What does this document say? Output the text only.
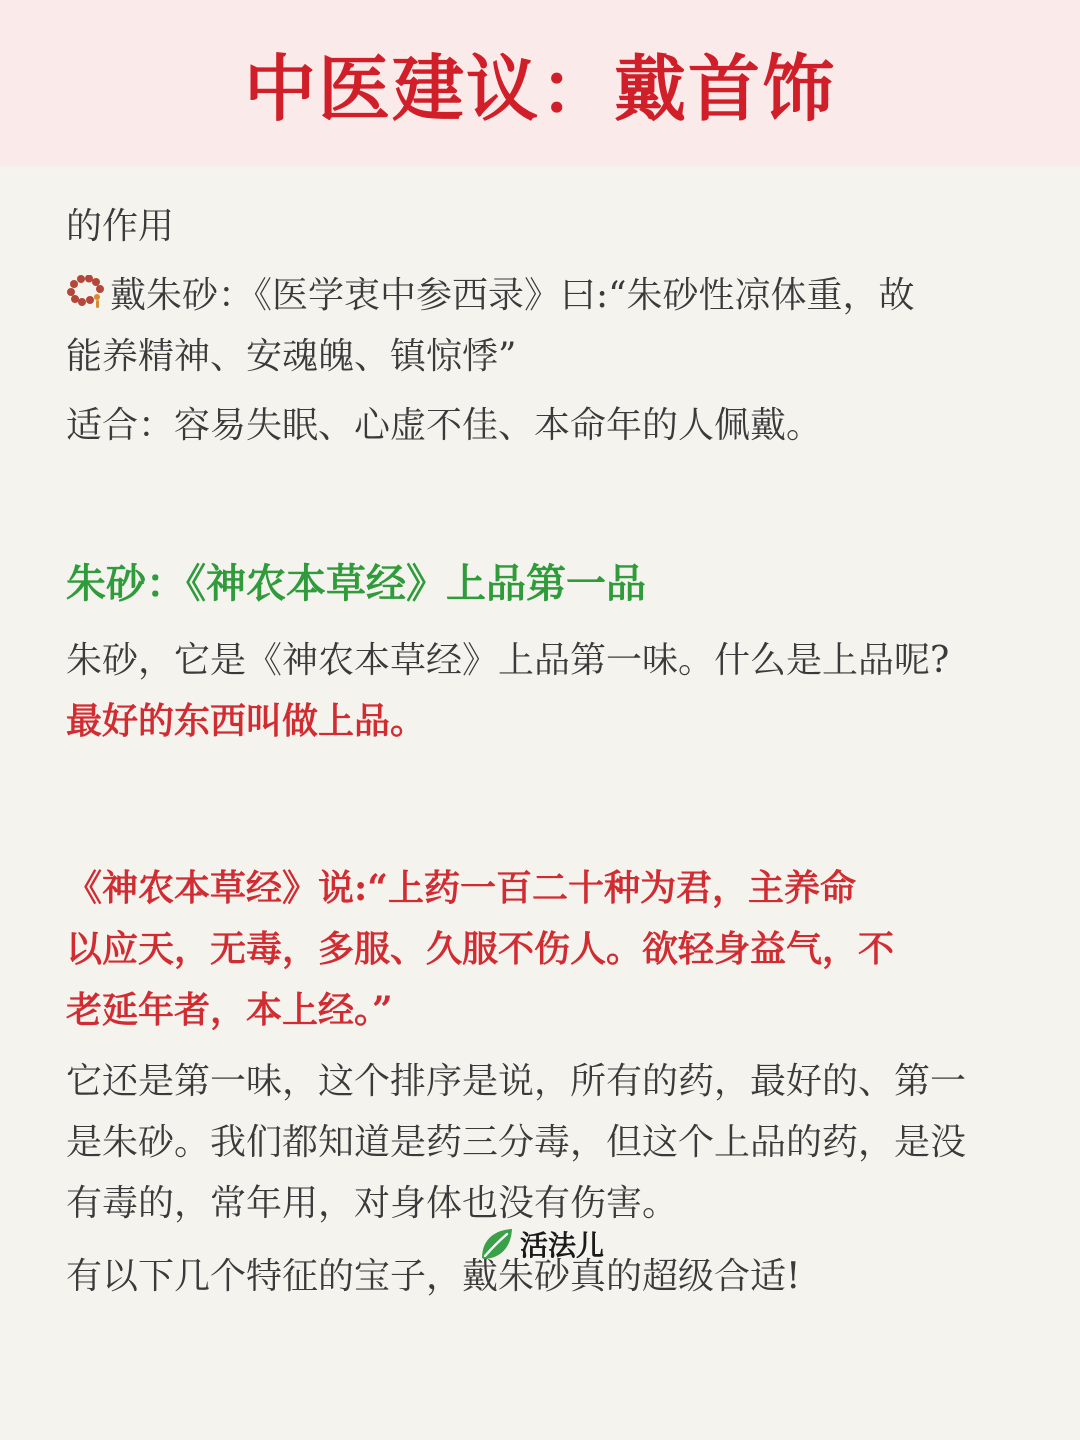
中医建议：戴首饰

的作用

戴朱砂：《医学衷中参西录》曰:“朱砂性凉体重，故
能养精神、安魂魄、镇惊悸”

适合：容易失眠、心虚不佳、本命年的人佩戴。

朱砂：《神农本草经》上品第一品

朱砂，它是《神农本草经》上品第一味。什么是上品呢?
最好的东西叫做上品。

《神农本草经》说:“上药一百二十种为君，主养命
以应天，无毒，多服、久服不伤人。欲轻身益气，不
老延年者，本上经。”

它还是第一味，这个排序是说，所有的药，最好的、第一
是朱砂。我们都知道是药三分毒，但这个上品的药，是没
有毒的，常年用，对身体也没有伤害。

有以下几个特征的宝子，戴朱砂真的超级合适!

活法儿
